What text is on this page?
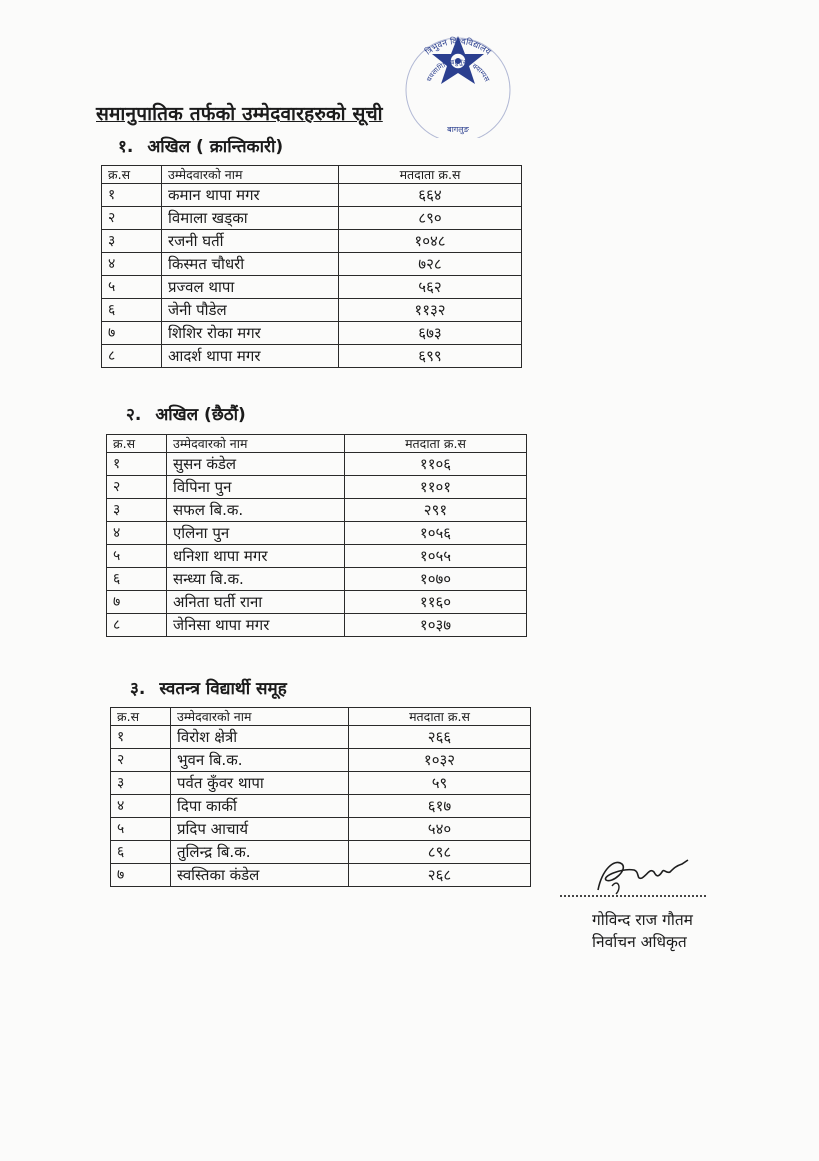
त्रिभुवन विश्वविद्यालय
धवलागिरि बहुमुखी क्याम्पस
बागलुङ
समानुपातिक तर्फको उम्मेदवारहरुको सूची
१. अखिल ( क्रान्तिकारी)
क्र.स	उम्मेदवारको नाम	मतदाता क्र.स
१	कमान थापा मगर	६६४
२	विमाला खड्का	८९०
३	रजनी घर्ती	१०४८
४	किस्मत चौधरी	७२८
५	प्रज्वल थापा	५६२
६	जेनी पौडेल	११३२
७	शिशिर रोका मगर	६७३
८	आदर्श थापा मगर	६९९
२. अखिल (छैठौं)
क्र.स	उम्मेदवारको नाम	मतदाता क्र.स
१	सुसन कंडेल	११०६
२	विपिना पुन	११०१
३	सफल बि.क.	२९१
४	एलिना पुन	१०५६
५	धनिशा थापा मगर	१०५५
६	सन्ध्या बि.क.	१०७०
७	अनिता घर्ती राना	११६०
८	जेनिसा थापा मगर	१०३७
३. स्वतन्त्र विद्यार्थी समूह
क्र.स	उम्मेदवारको नाम	मतदाता क्र.स
१	विरोश क्षेत्री	२६६
२	भुवन बि.क.	१०३२
३	पर्वत कुँवर थापा	५९
४	दिपा कार्की	६१७
५	प्रदिप आचार्य	५४०
६	तुलिन्द्र बि.क.	८९८
७	स्वस्तिका कंडेल	२६८
गोविन्द राज गौतम
निर्वाचन अधिकृत
